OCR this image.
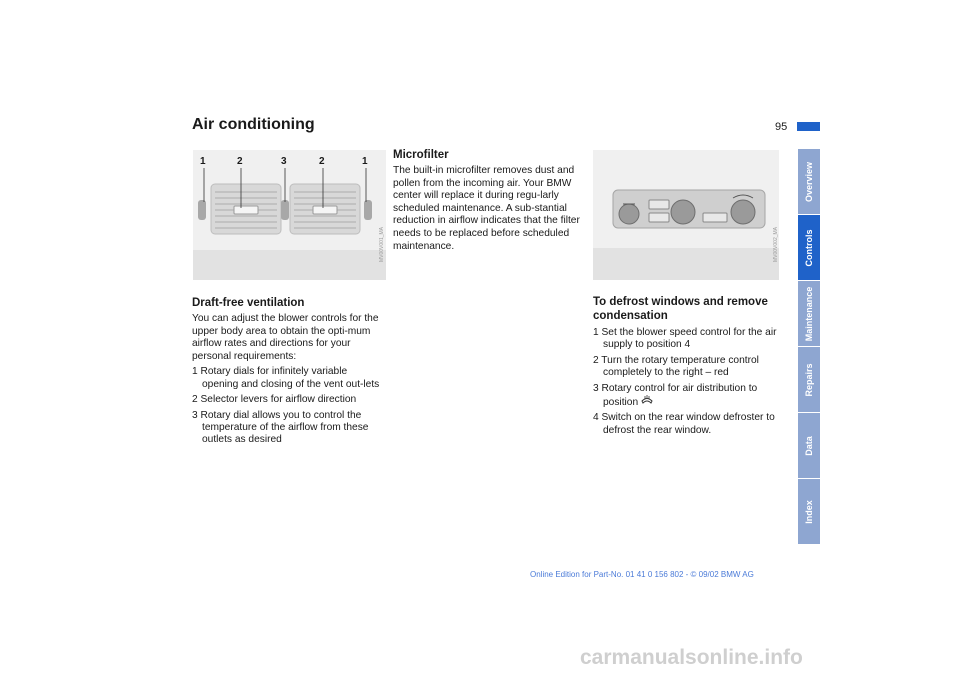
Air conditioning	95
1	2	3	2	1
MV00V001_MA	MV00V002_MA
Draft-free ventilation
You can adjust the blower controls for the upper body area to obtain the opti-mum airflow rates and directions for your personal requirements:
1 Rotary dials for infinitely variable opening and closing of the vent out-lets
2 Selector levers for airflow direction
3 Rotary dial allows you to control the temperature of the airflow from these outlets as desired
Microfilter
The built-in microfilter removes dust and pollen from the incoming air. Your BMW center will replace it during regu-larly scheduled maintenance. A sub-stantial reduction in airflow indicates that the filter needs to be replaced before scheduled maintenance.
To defrost windows and remove condensation
1 Set the blower speed control for the air supply to position 4
2 Turn the rotary temperature control completely to the right – red
3 Rotary control for air distribution to position
4 Switch on the rear window defroster to defrost the rear window.
Overview
Controls
Maintenance
Repairs
Data
Index
Online Edition for Part-No. 01 41 0 156 802 - © 09/02 BMW AG
carmanualsonline.info
